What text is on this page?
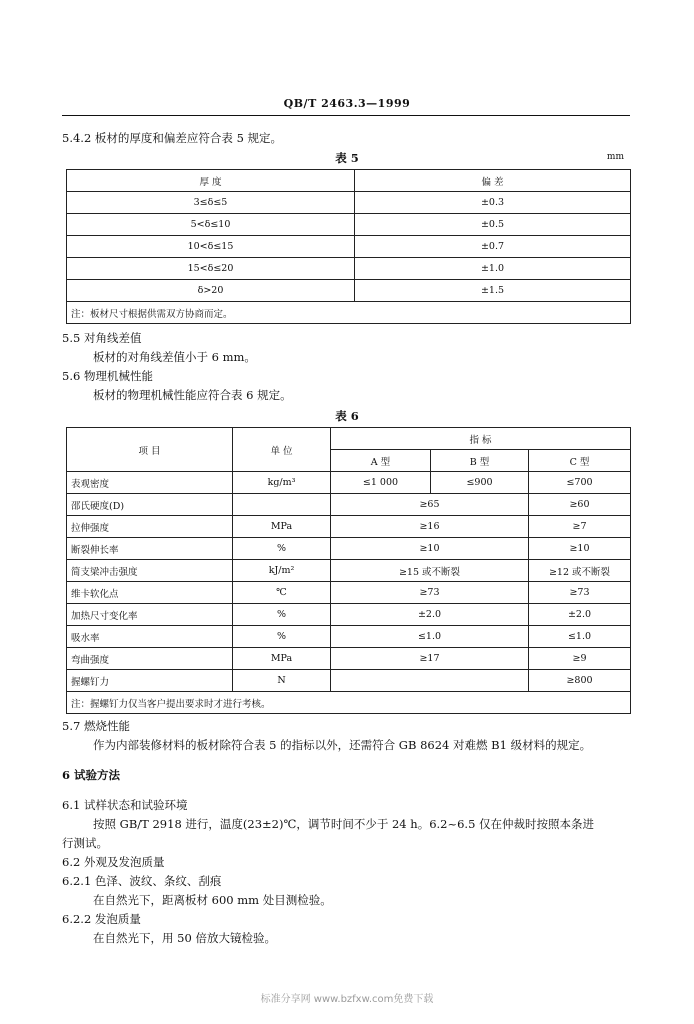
QB/T 2463.3—1999
5.4.2 板材的厚度和偏差应符合表 5 规定。
表 5	mm
厚 度	偏 差
3≤δ≤5	±0.3
5<δ≤10	±0.5
10<δ≤15	±0.7
15<δ≤20	±1.0
δ>20	±1.5
注：板材尺寸根据供需双方协商而定。	
5.5 对角线差值
板材的对角线差值小于 6 mm。
5.6 物理机械性能
板材的物理机械性能应符合表 6 规定。
表 6
项 目	单 位	指 标		
		A 型	B 型	C 型
表观密度	kg/m³	≤1 000	≤900	≤700
邵氏硬度(D)		≥65		≥60
拉伸强度	MPa	≥16		≥7
断裂伸长率	%	≥10		≥10
简支梁冲击强度	kJ/m²	≥15 或不断裂		≥12 或不断裂
维卡软化点	℃	≥73		≥73
加热尺寸变化率	%	±2.0		±2.0
吸水率	%	≤1.0		≤1.0
弯曲强度	MPa	≥17		≥9
握螺钉力	N			≥800
注：握螺钉力仅当客户提出要求时才进行考核。				
5.7 燃烧性能
作为内部装修材料的板材除符合表 5 的指标以外，还需符合 GB 8624 对难燃 B1 级材料的规定。
6 试验方法
6.1 试样状态和试验环境
按照 GB/T 2918 进行，温度(23±2)℃，调节时间不少于 24 h。6.2~6.5 仅在仲裁时按照本条进
行测试。
6.2 外观及发泡质量
6.2.1 色泽、波纹、条纹、刮痕
在自然光下，距离板材 600 mm 处目测检验。
6.2.2 发泡质量
在自然光下，用 50 倍放大镜检验。
标准分享网 www.bzfxw.com免费下载
